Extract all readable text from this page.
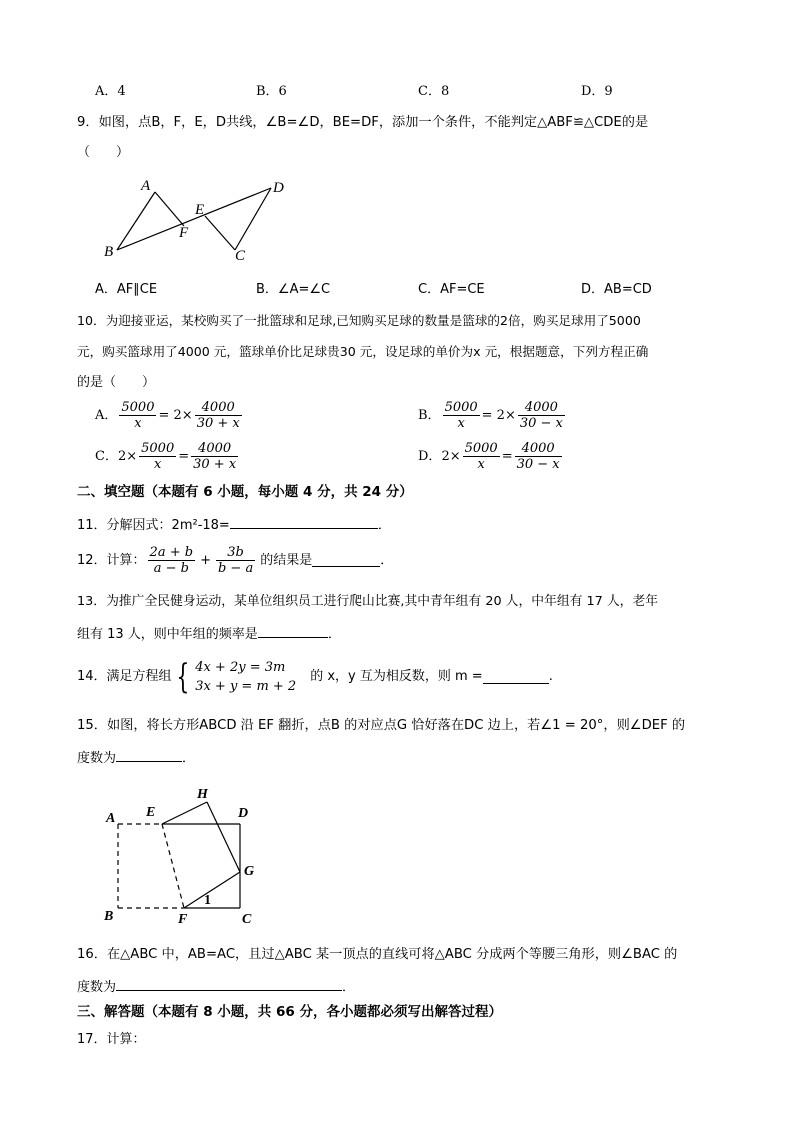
A．4	B．6	C．8	D．9
9．如图，点B，F，E，D共线，∠B=∠D，BE=DF，添加一个条件，不能判定△ABF≌△CDE的是
（　　）
A
B
F
E
D
C
A．AF∥CE	B．∠A=∠C	C．AF=CE	D．AB=CD
10．为迎接亚运，某校购买了一批篮球和足球,已知购买足球的数量是篮球的2倍，购买足球用了5000
元，购买篮球用了4000 元，篮球单价比足球贵30 元，设足球的单价为x 元，根据题意，下列方程正确
的是（　　）
A． $\frac{5000}{x} = 2\times \frac{4000}{30 + x}$	B． $\frac{5000}{x} = 2\times \frac{4000}{30 - x}$
C． $2\times \frac{5000}{x} = \frac{4000}{30 + x}$	D． $2\times \frac{5000}{x} = \frac{4000}{30 - x}$
二、填空题（本题有 6 小题，每小题 4 分，共 24 分）
11．分解因式：2m²-18=	．
12．计算： $\frac{2a + b}{a - b} + \frac{3b}{b - a}$ 的结果是	．
13．为推广全民健身运动，某单位组织员工进行爬山比赛,其中青年组有 20 人，中年组有 17 人，老年
组有 13 人，则中年组的频率是	．
14．满足方程组 { 4x + 2y = 3m
3x + y = m + 2
的 x，y 互为相反数，则 m =	.
15．如图，将长方形ABCD 沿 EF 翻折，点B 的对应点G 恰好落在DC 边上，若∠1 = 20°，则∠DEF 的
度数为	．
A E
H
D
G
B	F	C
1
16．在△ABC 中，AB=AC，且过△ABC 某一顶点的直线可将△ABC 分成两个等腰三角形，则∠BAC 的
度数为	．
三、解答题（本题有 8 小题，共 66 分，各小题都必须写出解答过程）
17．计算：
